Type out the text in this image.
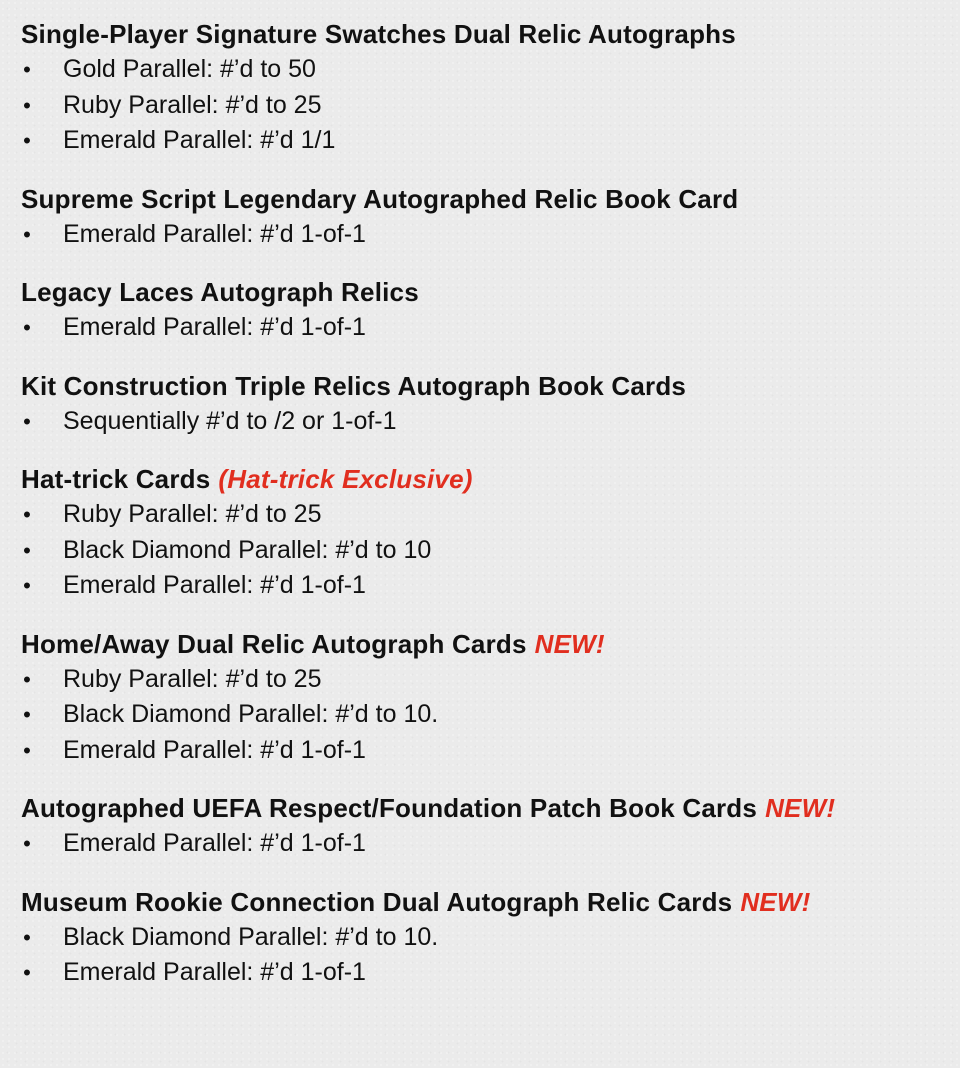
Single-Player Signature Swatches Dual Relic Autographs
• Gold Parallel: #’d to 50
• Ruby Parallel: #’d to 25
• Emerald Parallel: #’d 1/1
Supreme Script Legendary Autographed Relic Book Card
• Emerald Parallel: #’d 1-of-1
Legacy Laces Autograph Relics
• Emerald Parallel: #’d 1-of-1
Kit Construction Triple Relics Autograph Book Cards
• Sequentially #’d to /2 or 1-of-1
Hat-trick Cards (Hat-trick Exclusive)
• Ruby Parallel: #’d to 25
• Black Diamond Parallel: #’d to 10
• Emerald Parallel: #’d 1-of-1
Home/Away Dual Relic Autograph Cards NEW!
• Ruby Parallel: #’d to 25
• Black Diamond Parallel: #’d to 10.
• Emerald Parallel: #’d 1-of-1
Autographed UEFA Respect/Foundation Patch Book Cards NEW!
• Emerald Parallel: #’d 1-of-1
Museum Rookie Connection Dual Autograph Relic Cards NEW!
• Black Diamond Parallel: #’d to 10.
• Emerald Parallel: #’d 1-of-1
